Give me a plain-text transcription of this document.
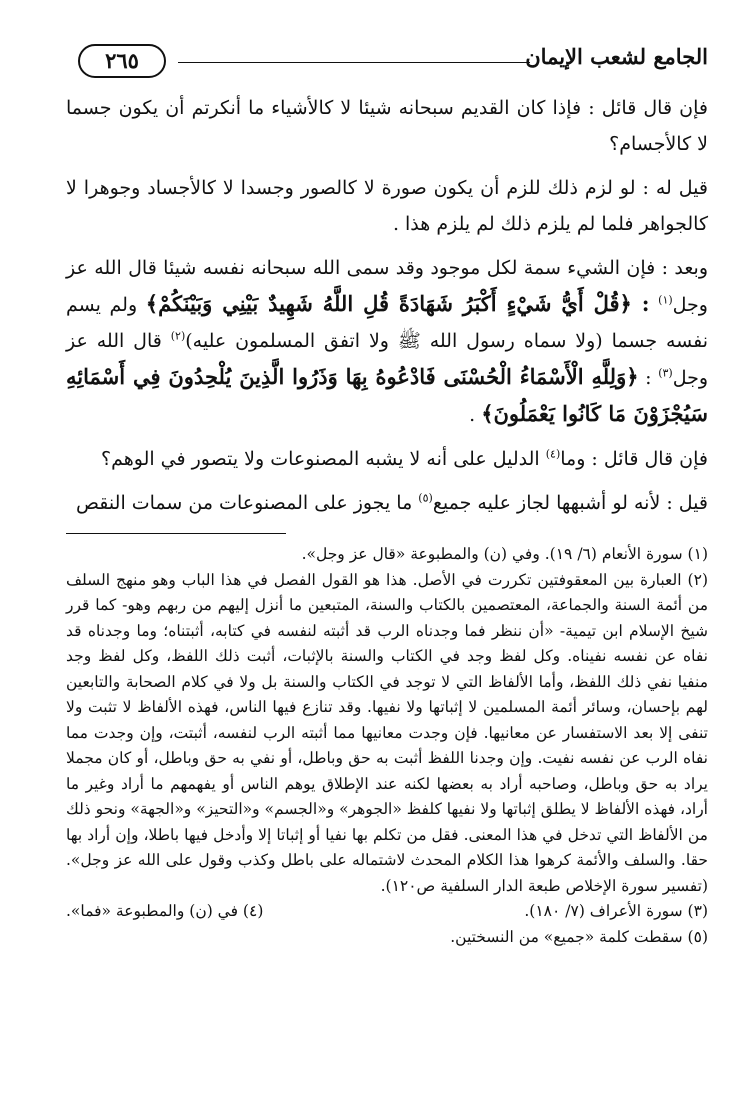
الجامع لشعب الإيمان
٢٦٥

فإن قال قائل : فإذا كان القديم سبحانه شيئا لا كالأشياء ما أنكرتم أن يكون جسما لا كالأجسام؟

قيل له : لو لزم ذلك للزم أن يكون صورة لا كالصور وجسدا لا كالأجساد وجوهرا لا كالجواهر فلما لم يلزم ذلك لم يلزم هذا .

وبعد : فإن الشيء سمة لكل موجود وقد سمى الله سبحانه نفسه شيئا قال الله عز وجل$^{(١)}$ : ﴿قُلْ أَيُّ شَيْءٍ أَكْبَرُ شَهَادَةً قُلِ اللَّهُ شَهِيدٌ بَيْنِي وَبَيْنَكُمْ﴾ ولم يسم نفسه جسما (ولا سماه رسول الله ﷺ ولا اتفق المسلمون عليه)$^{(٢)}$ قال الله عز وجل$^{(٣)}$ : ﴿وَلِلَّهِ الْأَسْمَاءُ الْحُسْنَى فَادْعُوهُ بِهَا وَذَرُوا الَّذِينَ يُلْحِدُونَ فِي أَسْمَائِهِ سَيُجْزَوْنَ مَا كَانُوا يَعْمَلُونَ﴾ .

فإن قال قائل : وما$^{(٤)}$ الدليل على أنه لا يشبه المصنوعات ولا يتصور في الوهم؟

قيل : لأنه لو أشبهها لجاز عليه جميع$^{(٥)}$ ما يجوز على المصنوعات من سمات النقص

(١) سورة الأنعام (٦/ ١٩). وفي (ن) والمطبوعة «قال عز وجل».

(٢) العبارة بين المعقوفتين تكررت في الأصل. هذا هو القول الفصل في هذا الباب وهو منهج السلف من أئمة السنة والجماعة، المعتصمين بالكتاب والسنة، المتبعين ما أنزل إليهم من ربهم وهو- كما قرر شيخ الإسلام ابن تيمية- «أن ننظر فما وجدناه الرب قد أثبته لنفسه في كتابه، أثبتناه؛ وما وجدناه قد نفاه عن نفسه نفيناه. وكل لفظ وجد في الكتاب والسنة بالإثبات، أثبت ذلك اللفظ، وكل لفظ وجد منفيا نفي ذلك اللفظ، وأما الألفاظ التي لا توجد في الكتاب والسنة بل ولا في كلام الصحابة والتابعين لهم بإحسان، وسائر أئمة المسلمين لا إثباتها ولا نفيها. وقد تنازع فيها الناس، فهذه الألفاظ لا تثبت ولا تنفى إلا بعد الاستفسار عن معانيها. فإن وجدت معانيها مما أثبته الرب لنفسه، أثبتت، وإن وجدت مما نفاه الرب عن نفسه نفيت. وإن وجدنا اللفظ أثبت به حق وباطل، أو نفي به حق وباطل، أو كان مجملا يراد به حق وباطل، وصاحبه أراد به بعضها لكنه عند الإطلاق يوهم الناس أو يفهمهم ما أراد وغير ما أراد، فهذه الألفاظ لا يطلق إثباتها ولا نفيها كلفظ «الجوهر» و«الجسم» و«التحيز» و«الجهة» ونحو ذلك من الألفاظ التي تدخل في هذا المعنى. فقل من تكلم بها نفيا أو إثباتا إلا وأدخل فيها باطلا، وإن أراد بها حقا. والسلف والأئمة كرهوا هذا الكلام المحدث لاشتماله على باطل وكذب وقول على الله عز وجل». (تفسير سورة الإخلاص طبعة الدار السلفية ص١٢٠).

(٣) سورة الأعراف (٧/ ١٨٠).

(٤) في (ن) والمطبوعة «فما».

(٥) سقطت كلمة «جميع» من النسختين.
